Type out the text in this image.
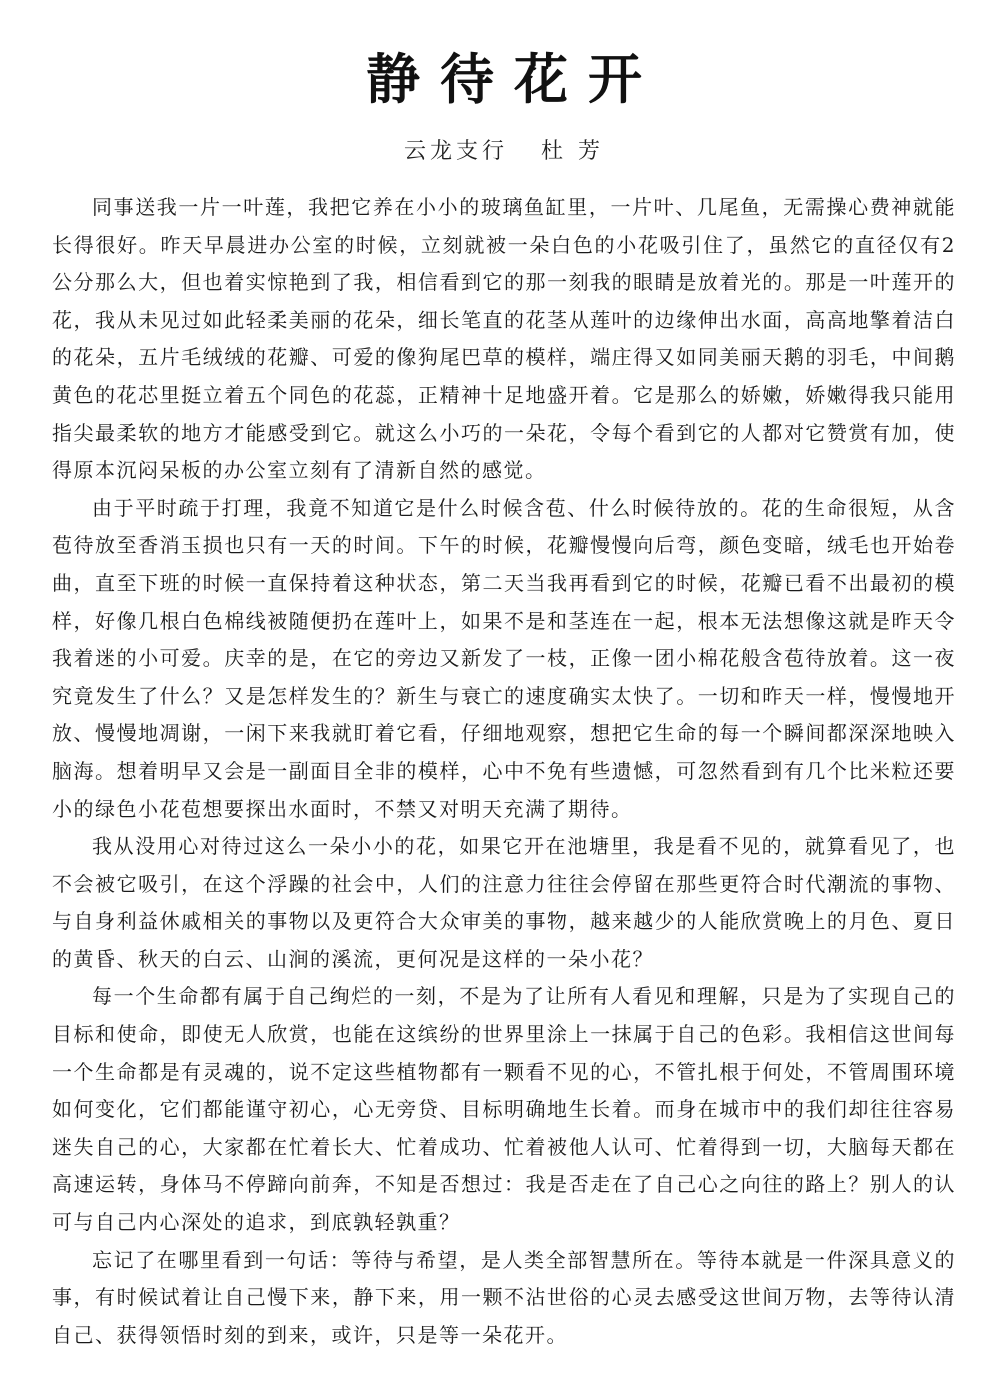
静待花开
云龙支行   杜 芳

同事送我一片一叶莲，我把它养在小小的玻璃鱼缸里，一片叶、几尾鱼，无需操心费神就能长得很好。昨天早晨进办公室的时候，立刻就被一朵白色的小花吸引住了，虽然它的直径仅有2公分那么大，但也着实惊艳到了我，相信看到它的那一刻我的眼睛是放着光的。那是一叶莲开的花，我从未见过如此轻柔美丽的花朵，细长笔直的花茎从莲叶的边缘伸出水面，高高地擎着洁白的花朵，五片毛绒绒的花瓣、可爱的像狗尾巴草的模样，端庄得又如同美丽天鹅的羽毛，中间鹅黄色的花芯里挺立着五个同色的花蕊，正精神十足地盛开着。它是那么的娇嫩，娇嫩得我只能用指尖最柔软的地方才能感受到它。就这么小巧的一朵花，令每个看到它的人都对它赞赏有加，使得原本沉闷呆板的办公室立刻有了清新自然的感觉。

由于平时疏于打理，我竟不知道它是什么时候含苞、什么时候待放的。花的生命很短，从含苞待放至香消玉损也只有一天的时间。下午的时候，花瓣慢慢向后弯，颜色变暗，绒毛也开始卷曲，直至下班的时候一直保持着这种状态，第二天当我再看到它的时候，花瓣已看不出最初的模样，好像几根白色棉线被随便扔在莲叶上，如果不是和茎连在一起，根本无法想像这就是昨天令我着迷的小可爱。庆幸的是，在它的旁边又新发了一枝，正像一团小棉花般含苞待放着。这一夜究竟发生了什么？又是怎样发生的？新生与衰亡的速度确实太快了。一切和昨天一样，慢慢地开放、慢慢地凋谢，一闲下来我就盯着它看，仔细地观察，想把它生命的每一个瞬间都深深地映入脑海。想着明早又会是一副面目全非的模样，心中不免有些遗憾，可忽然看到有几个比米粒还要小的绿色小花苞想要探出水面时，不禁又对明天充满了期待。

我从没用心对待过这么一朵小小的花，如果它开在池塘里，我是看不见的，就算看见了，也不会被它吸引，在这个浮躁的社会中，人们的注意力往往会停留在那些更符合时代潮流的事物、与自身利益休戚相关的事物以及更符合大众审美的事物，越来越少的人能欣赏晚上的月色、夏日的黄昏、秋天的白云、山涧的溪流，更何况是这样的一朵小花？

每一个生命都有属于自己绚烂的一刻，不是为了让所有人看见和理解，只是为了实现自己的目标和使命，即使无人欣赏，也能在这缤纷的世界里涂上一抹属于自己的色彩。我相信这世间每一个生命都是有灵魂的，说不定这些植物都有一颗看不见的心，不管扎根于何处，不管周围环境如何变化，它们都能谨守初心，心无旁贷、目标明确地生长着。而身在城市中的我们却往往容易迷失自己的心，大家都在忙着长大、忙着成功、忙着被他人认可、忙着得到一切，大脑每天都在高速运转，身体马不停蹄向前奔，不知是否想过：我是否走在了自己心之向往的路上？别人的认可与自己内心深处的追求，到底孰轻孰重？

忘记了在哪里看到一句话：等待与希望，是人类全部智慧所在。等待本就是一件深具意义的事，有时候试着让自己慢下来，静下来，用一颗不沾世俗的心灵去感受这世间万物，去等待认清自己、获得领悟时刻的到来，或许，只是等一朵花开。
